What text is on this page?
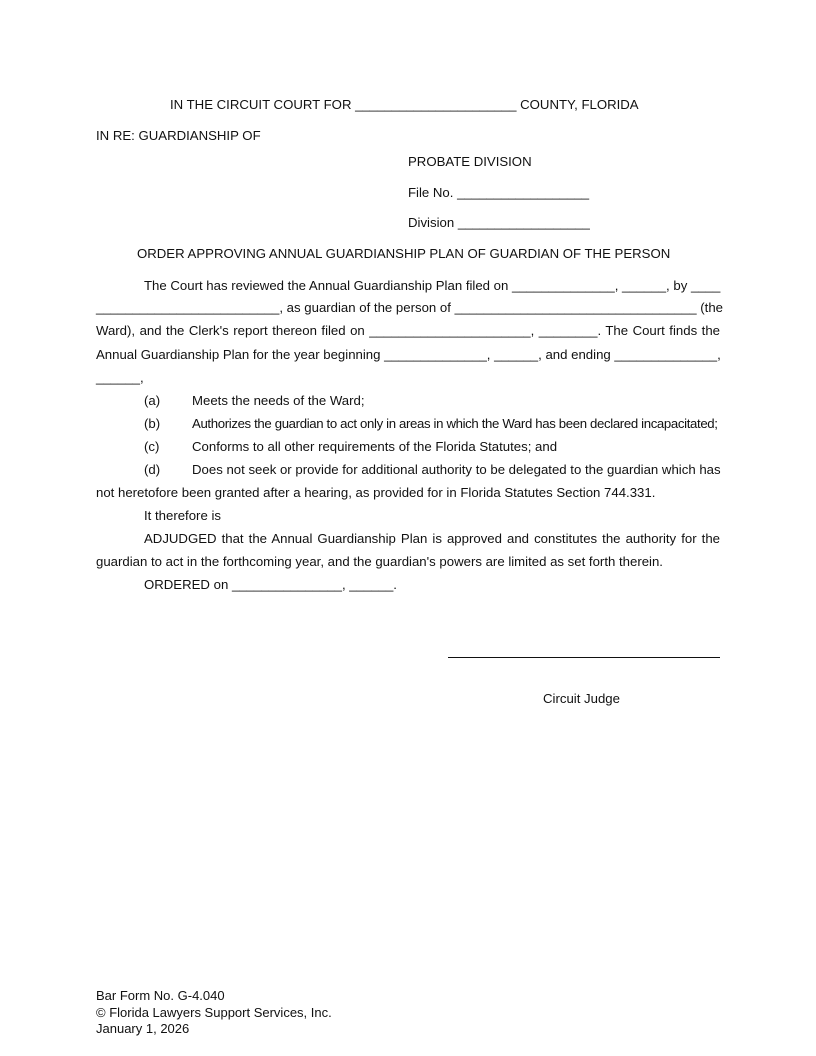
IN THE CIRCUIT COURT FOR ______________________ COUNTY, FLORIDA
IN RE: GUARDIANSHIP OF
PROBATE DIVISION
File No. __________________
Division __________________
ORDER APPROVING ANNUAL GUARDIANSHIP PLAN OF GUARDIAN OF THE PERSON
The Court has reviewed the Annual Guardianship Plan filed on ______________, ______, by ____
_________________________, as guardian of the person of _________________________________ (the
Ward), and the Clerk's report thereon filed on ______________________, ________. The Court finds the
Annual Guardianship Plan for the year beginning ______________, ______, and ending ______________,
______,
(a) Meets the needs of the Ward;
(b) Authorizes the guardian to act only in areas in which the Ward has been declared incapacitated;
(c) Conforms to all other requirements of the Florida Statutes; and
(d) Does not seek or provide for additional authority to be delegated to the guardian which has
not heretofore been granted after a hearing, as provided for in Florida Statutes Section 744.331.
It therefore is
ADJUDGED that the Annual Guardianship Plan is approved and constitutes the authority for the
guardian to act in the forthcoming year, and the guardian's powers are limited as set forth therein.
ORDERED on _______________, ______.
Circuit Judge
Bar Form No. G-4.040
© Florida Lawyers Support Services, Inc.
January 1, 2026
